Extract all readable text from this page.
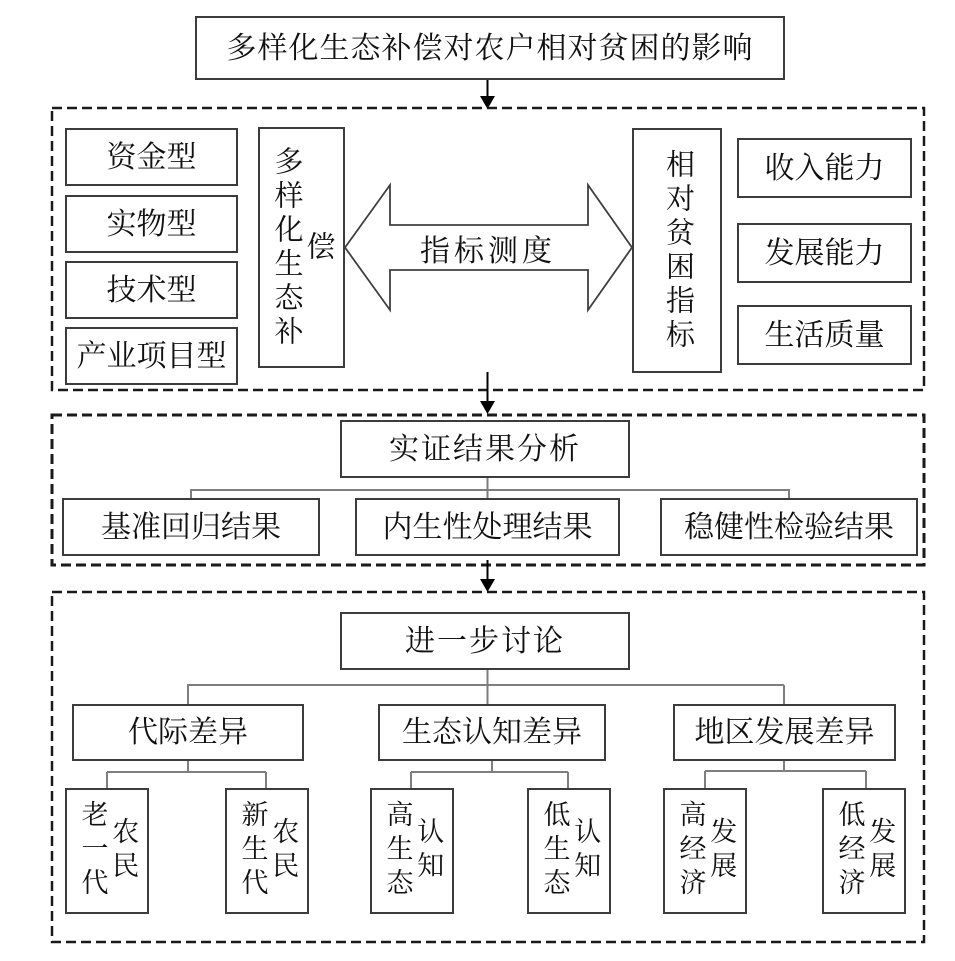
多样化生态补偿对农户相对贫困的影响
资金型
实物型
技术型
产业项目型
多样化生态补偿	指标测度	相对贫困指标	收入能力
发展能力
生活质量
实证结果分析
基准回归结果	内生性处理结果	稳健性检验结果
进一步讨论
代际差异	生态认知差异	地区发展差异
老一代 农民	新生代 农民	高生态 认知	低生态 认知	高经济 发展	低经济 发展
